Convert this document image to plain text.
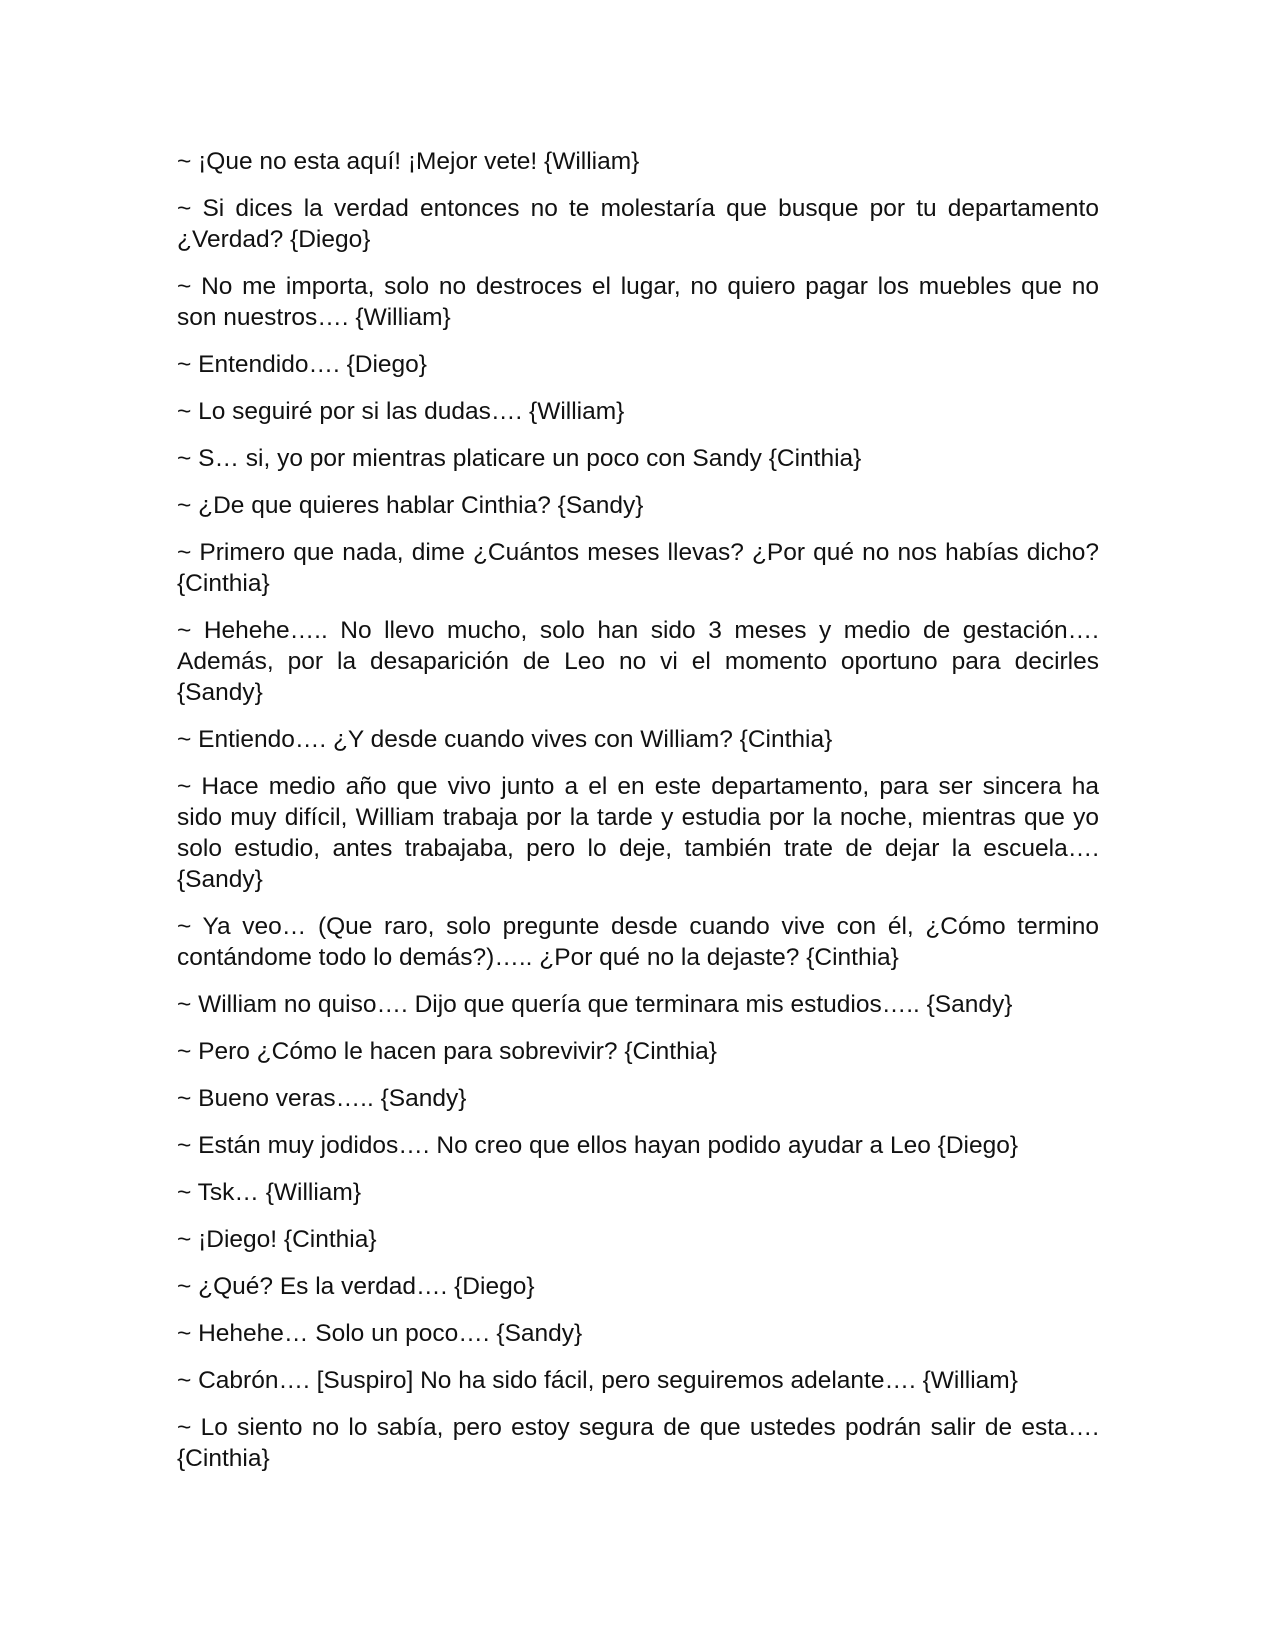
~ ¡Que no esta aquí! ¡Mejor vete! {William}

~ Si dices la verdad entonces no te molestaría que busque por tu departamento ¿Verdad? {Diego}

~ No me importa, solo no destroces el lugar, no quiero pagar los muebles que no son nuestros…. {William}

~ Entendido…. {Diego}

~ Lo seguiré por si las dudas…. {William}

~ S… si, yo por mientras platicare un poco con Sandy {Cinthia}

~ ¿De que quieres hablar Cinthia? {Sandy}

~ Primero que nada, dime ¿Cuántos meses llevas? ¿Por qué no nos habías dicho? {Cinthia}

~ Hehehe….. No llevo mucho, solo han sido 3 meses y medio de gestación…. Además, por la desaparición de Leo no vi el momento oportuno para decirles {Sandy}

~ Entiendo…. ¿Y desde cuando vives con William? {Cinthia}

~ Hace medio año que vivo junto a el en este departamento, para ser sincera ha sido muy difícil, William trabaja por la tarde y estudia por la noche, mientras que yo solo estudio, antes trabajaba, pero lo deje, también trate de dejar la escuela…. {Sandy}

~ Ya veo… (Que raro, solo pregunte desde cuando vive con él, ¿Cómo termino contándome todo lo demás?)….. ¿Por qué no la dejaste? {Cinthia}

~ William no quiso…. Dijo que quería que terminara mis estudios….. {Sandy}

~ Pero ¿Cómo le hacen para sobrevivir? {Cinthia}

~ Bueno veras….. {Sandy}

~ Están muy jodidos…. No creo que ellos hayan podido ayudar a Leo {Diego}

~ Tsk… {William}

~ ¡Diego! {Cinthia}

~ ¿Qué? Es la verdad…. {Diego}

~ Hehehe… Solo un poco…. {Sandy}

~ Cabrón…. [Suspiro] No ha sido fácil, pero seguiremos adelante…. {William}

~ Lo siento no lo sabía, pero estoy segura de que ustedes podrán salir de esta…. {Cinthia}
